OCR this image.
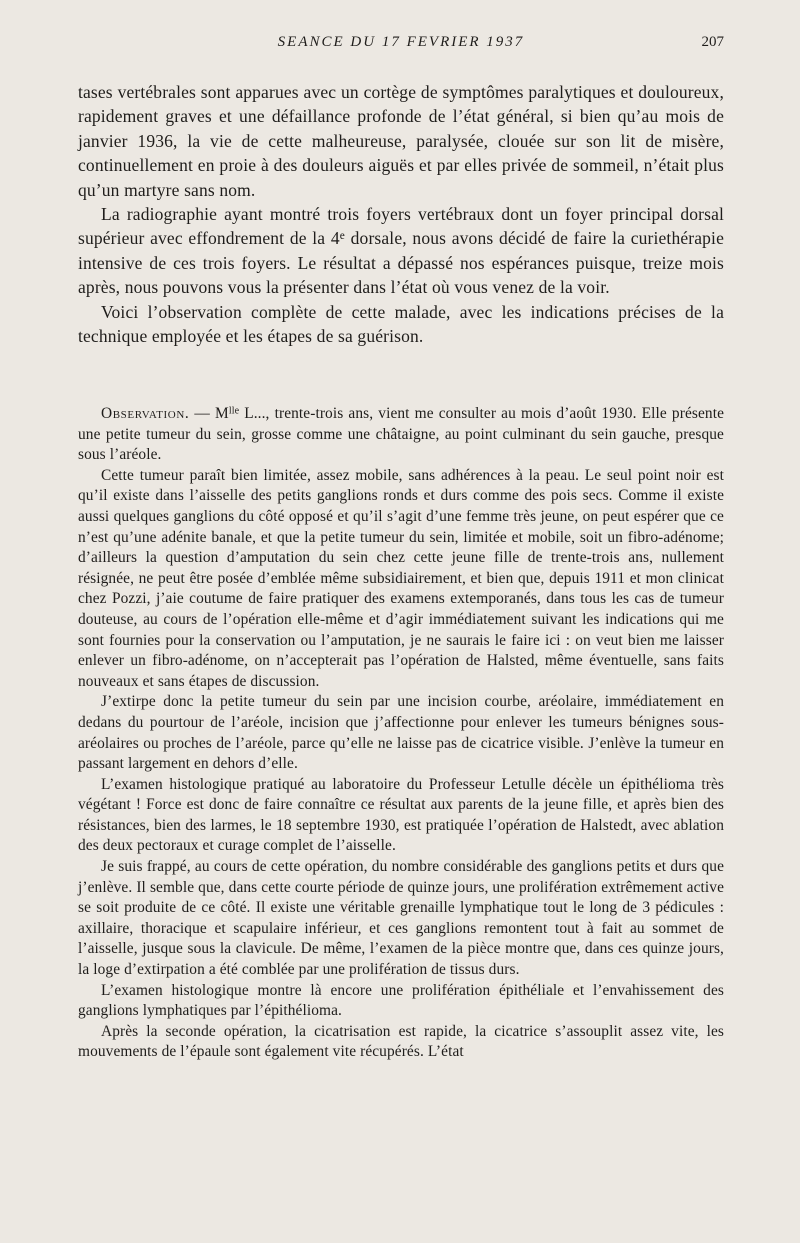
SEANCE DU 17 FEVRIER 1937	207

tases vertébrales sont apparues avec un cortège de symptômes paralytiques et douloureux, rapidement graves et une défaillance profonde de l’état général, si bien qu’au mois de janvier 1936, la vie de cette malheureuse, paralysée, clouée sur son lit de misère, continuellement en proie à des douleurs aiguës et par elles privée de sommeil, n’était plus qu’un martyre sans nom.

La radiographie ayant montré trois foyers vertébraux dont un foyer principal dorsal supérieur avec effondrement de la 4e dorsale, nous avons décidé de faire la curiethérapie intensive de ces trois foyers. Le résultat a dépassé nos espérances puisque, treize mois après, nous pouvons vous la présenter dans l’état où vous venez de la voir.

Voici l’observation complète de cette malade, avec les indications précises de la technique employée et les étapes de sa guérison.

Observation. — $M^{lle}$ L..., trente-trois ans, vient me consulter au mois d’août 1930. Elle présente une petite tumeur du sein, grosse comme une châtaigne, au point culminant du sein gauche, presque sous l’aréole.

Cette tumeur paraît bien limitée, assez mobile, sans adhérences à la peau. Le seul point noir est qu’il existe dans l’aisselle des petits ganglions ronds et durs comme des pois secs. Comme il existe aussi quelques ganglions du côté opposé et qu’il s’agit d’une femme très jeune, on peut espérer que ce n’est qu’une adénite banale, et que la petite tumeur du sein, limitée et mobile, soit un fibro-adénome; d’ailleurs la question d’amputation du sein chez cette jeune fille de trente-trois ans, nullement résignée, ne peut être posée d’emblée même subsidiairement, et bien que, depuis 1911 et mon clinicat chez Pozzi, j’aie coutume de faire pratiquer des examens extemporanés, dans tous les cas de tumeur douteuse, au cours de l’opération elle-même et d’agir immédiatement suivant les indications qui me sont fournies pour la conservation ou l’amputation, je ne saurais le faire ici : on veut bien me laisser enlever un fibro-adénome, on n’accepterait pas l’opération de Halsted, même éventuelle, sans faits nouveaux et sans étapes de discussion.

J’extirpe donc la petite tumeur du sein par une incision courbe, aréolaire, immédiatement en dedans du pourtour de l’aréole, incision que j’affectionne pour enlever les tumeurs bénignes sous-aréolaires ou proches de l’aréole, parce qu’elle ne laisse pas de cicatrice visible. J’enlève la tumeur en passant largement en dehors d’elle.

L’examen histologique pratiqué au laboratoire du Professeur Letulle décèle un épithélioma très végétant ! Force est donc de faire connaître ce résultat aux parents de la jeune fille, et après bien des résistances, bien des larmes, le 18 septembre 1930, est pratiquée l’opération de Halstedt, avec ablation des deux pectoraux et curage complet de l’aisselle.

Je suis frappé, au cours de cette opération, du nombre considérable des ganglions petits et durs que j’enlève. Il semble que, dans cette courte période de quinze jours, une prolifération extrêmement active se soit produite de ce côté. Il existe une véritable grenaille lymphatique tout le long de 3 pédicules : axillaire, thoracique et scapulaire inférieur, et ces ganglions remontent tout à fait au sommet de l’aisselle, jusque sous la clavicule. De même, l’examen de la pièce montre que, dans ces quinze jours, la loge d’extirpation a été comblée par une prolifération de tissus durs.

L’examen histologique montre là encore une prolifération épithéliale et l’envahissement des ganglions lymphatiques par l’épithélioma.

Après la seconde opération, la cicatrisation est rapide, la cicatrice s’assouplit assez vite, les mouvements de l’épaule sont également vite récupérés. L’état
